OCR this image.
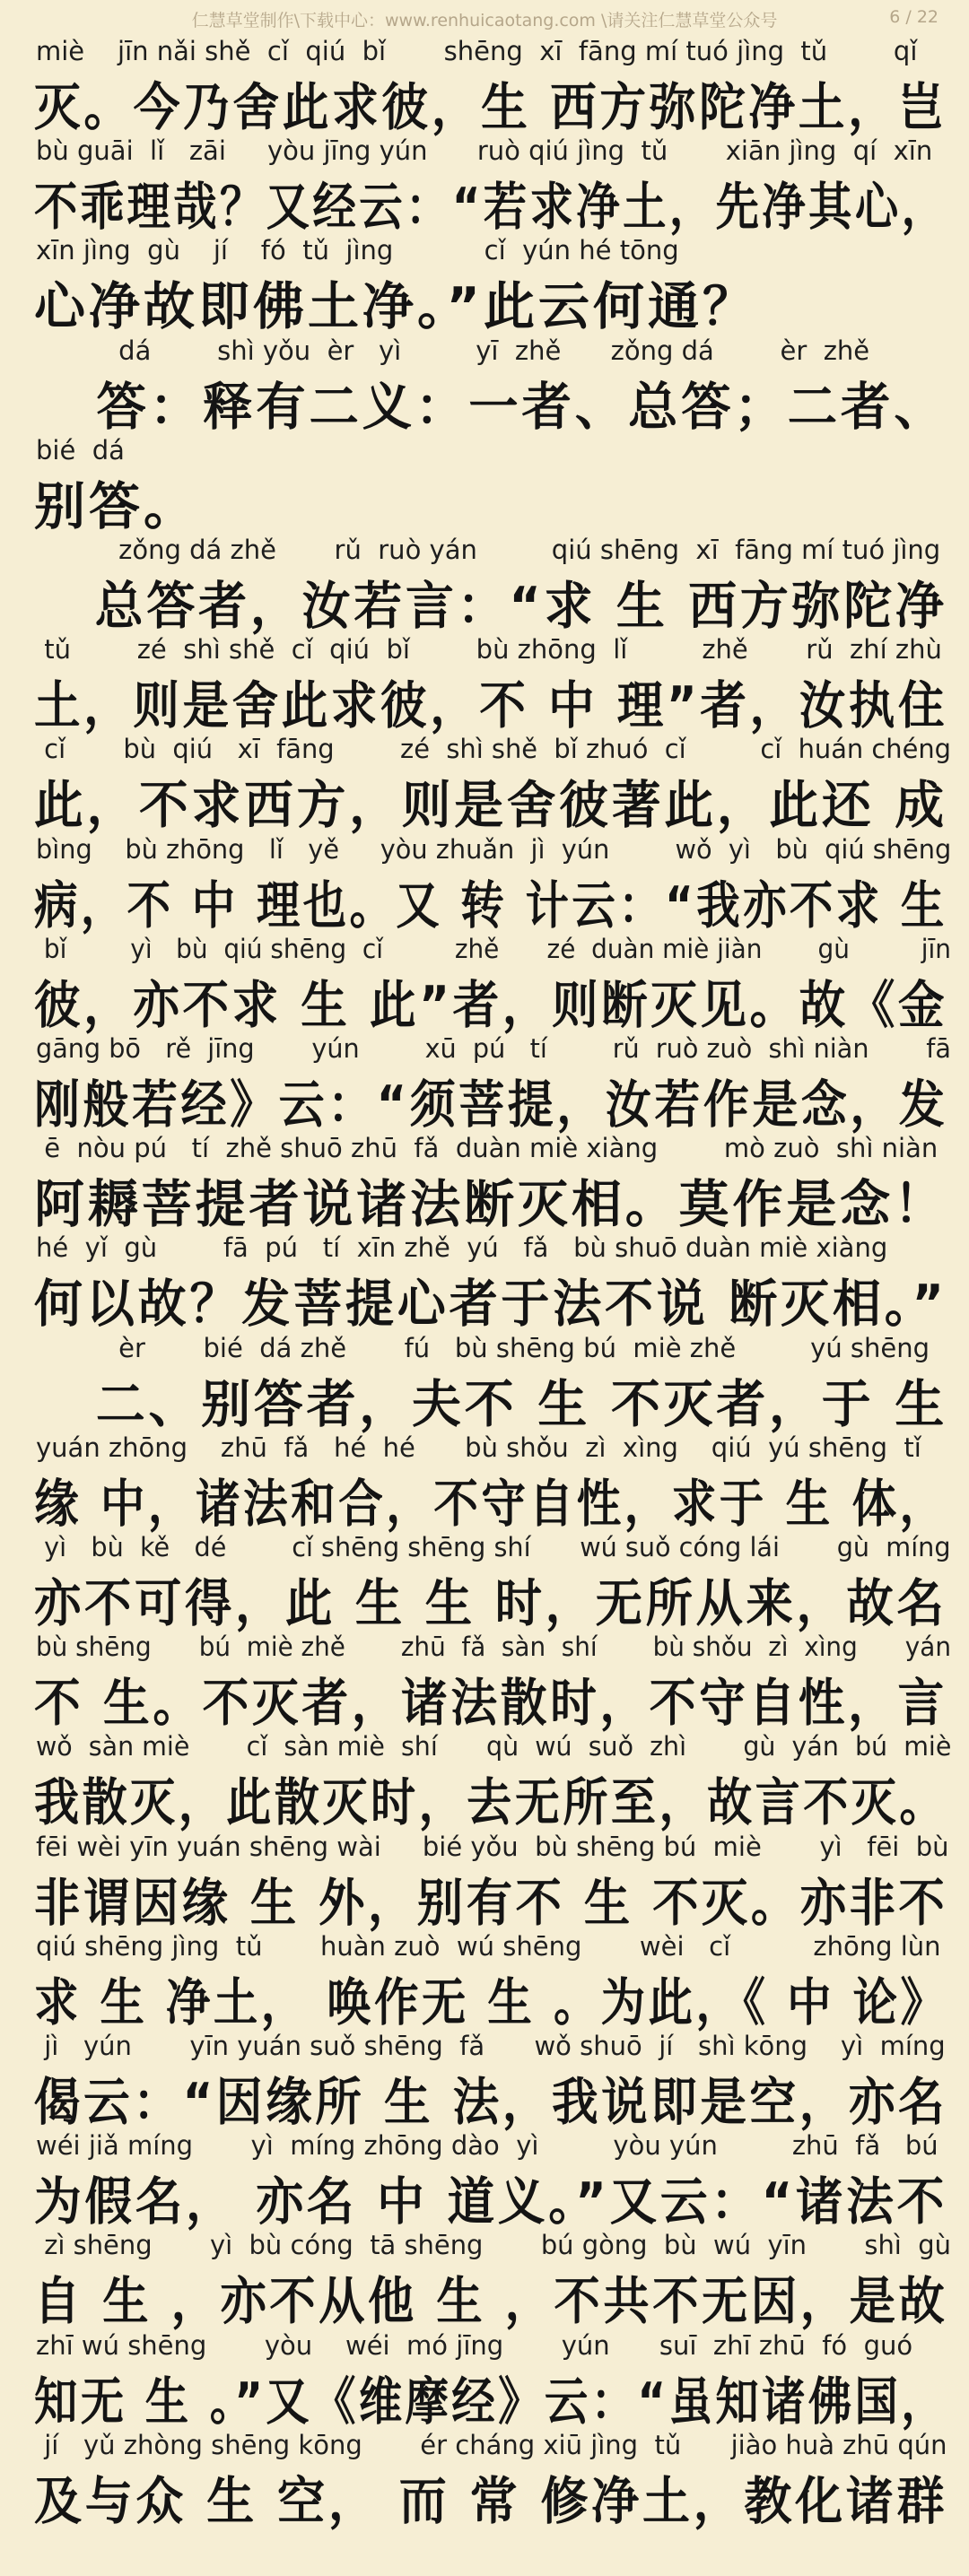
仁慧草堂制作\下载中心：www.renhuicaotang.com \请关注仁慧草堂公众号	6 / 22
miè    jīn nǎi shě  cǐ  qiú  bǐ       shēng  xī  fāng mí tuó jìng  tǔ        qǐ
灭。今乃舍此求彼，生 西方弥陀净土，岂
bù guāi  lǐ   zāi     yòu jīng yún      ruò qiú jìng  tǔ       xiān jìng  qí  xīn
不乖理哉？又经云：“若求净土，先净其心，
xīn jìng  gù    jí    fó  tǔ  jìng           cǐ  yún hé tōng
心净故即佛土净。”此云何通？
dá        shì yǒu  èr   yì         yī  zhě      zǒng dá        èr  zhě
答：释有二义：一者、总答；二者、
bié  dá
别答。
zǒng dá zhě       rǔ  ruò yán         qiú shēng  xī  fāng mí tuó jìng
总答者，汝若言：“求 生 西方弥陀净
tǔ        zé  shì shě  cǐ  qiú  bǐ        bù zhōng  lǐ         zhě       rǔ  zhí zhù
土，则是舍此求彼，不 中 理”者，汝执住
cǐ       bù  qiú   xī  fāng        zé  shì shě  bǐ zhuó  cǐ         cǐ  huán chéng
此，不求西方，则是舍彼著此，此还 成
bìng    bù zhōng   lǐ   yě     yòu zhuǎn  jì  yún        wǒ  yì   bù  qiú shēng
病，不 中 理也。又 转 计云：“我亦不求 生
bǐ        yì   bù  qiú shēng  cǐ         zhě      zé  duàn miè jiàn       gù         jīn
彼，亦不求 生 此”者，则断灭见。故《金
gāng bō   rě  jīng       yún        xū  pú   tí        rǔ  ruò zuò  shì niàn       fā
刚般若经》云：“须菩提，汝若作是念，发
ē  nòu pú   tí  zhě shuō zhū  fǎ  duàn miè xiàng        mò zuò  shì niàn
阿耨菩提者说诸法断灭相。莫作是念！
hé  yǐ  gù        fā  pú   tí  xīn zhě  yú   fǎ   bù shuō duàn miè xiàng
何以故？发菩提心者于法不说 断灭相。”
èr       bié  dá zhě       fú   bù shēng bú  miè zhě         yú shēng
二、别答者，夫不 生 不灭者，于 生
yuán zhōng    zhū  fǎ   hé  hé      bù shǒu  zì  xìng    qiú  yú shēng  tǐ
缘 中，诸法和合，不守自性，求于 生 体，
yì   bù  kě   dé        cǐ shēng shēng shí      wú suǒ cóng lái       gù  míng
亦不可得，此 生 生 时，无所从来，故名
bù shēng      bú  miè zhě       zhū  fǎ  sàn  shí       bù shǒu  zì  xìng      yán
不 生。不灭者，诸法散时，不守自性，言
wǒ  sàn miè       cǐ  sàn miè  shí      qù  wú  suǒ  zhì       gù  yán  bú  miè
我散灭，此散灭时，去无所至，故言不灭。
fēi wèi yīn yuán shēng wài     bié yǒu  bù shēng bú  miè       yì   fēi  bù
非谓因缘 生 外，别有不 生 不灭。亦非不
qiú shēng jìng  tǔ       huàn zuò  wú shēng       wèi   cǐ          zhōng lùn
求 生 净土， 唤作无 生 。为此，《 中 论》
jì   yún       yīn yuán suǒ shēng  fǎ      wǒ shuō  jí   shì kōng    yì  míng
偈云：“因缘所 生 法，我说即是空，亦名
wéi jiǎ míng       yì  míng zhōng dào  yì         yòu yún         zhū  fǎ   bú
为假名， 亦名 中 道义。”又云：“诸法不
zì shēng       yì  bù cóng  tā shēng       bú gòng  bù  wú  yīn       shì  gù
自 生 ，亦不从他 生 ，不共不无因，是故
zhī wú shēng       yòu    wéi  mó jīng       yún      suī  zhī zhū  fó  guó
知无 生 。”又《维摩经》云：“虽知诸佛国，
jí   yǔ zhòng shēng kōng       ér cháng xiū jìng  tǔ      jiào huà zhū qún
及与众 生 空， 而 常 修净土，教化诸群
